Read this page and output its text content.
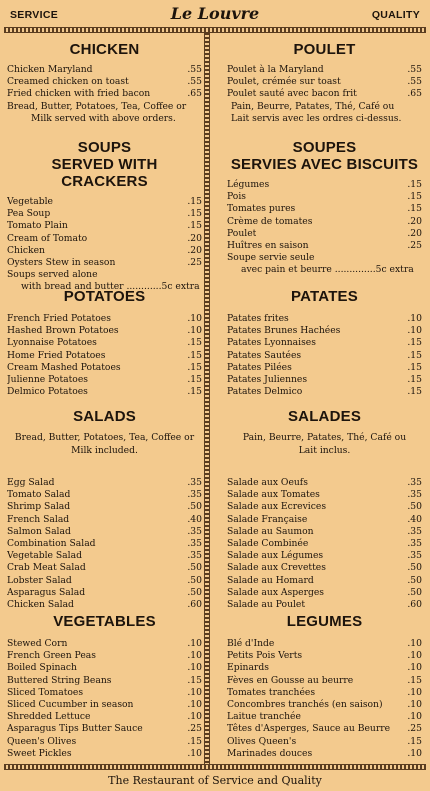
SERVICE	Le Louvre	QUALITY
CHICKEN
Chicken Maryland	.55
Creamed chicken on toast	.55
Fried chicken with fried bacon	.65
Bread, Butter, Potatoes, Tea, Coffee or
Milk served with above orders.
SOUPS
SERVED WITH CRACKERS
Vegetable	.15
Pea Soup	.15
Tomato Plain	.15
Cream of Tomato	.20
Chicken	.20
Oysters Stew in season	.25
Soups served alone
with bread and butter ............5c extra
POTATOES
French Fried Potatoes	.10
Hashed Brown Potatoes	.10
Lyonnaise Potatoes	.15
Home Fried Potatoes	.15
Cream Mashed Potatoes	.15
Julienne Potatoes	.15
Delmico Potatoes	.15
SALADS
Bread, Butter, Potatoes, Tea, Coffee or
Milk included.
Egg Salad	.35
Tomato Salad	.35
Shrimp Salad	.50
French Salad	.40
Salmon Salad	.35
Combination Salad	.35
Vegetable Salad	.35
Crab Meat Salad	.50
Lobster Salad	.50
Asparagus Salad	.50
Chicken Salad	.60
VEGETABLES
Stewed Corn	.10
French Green Peas	.10
Boiled Spinach	.10
Buttered String Beans	.15
Sliced Tomatoes	.10
Sliced Cucumber in season	.10
Shredded Lettuce	.10
Asparagus Tips Butter Sauce	.25
Queen's Olives	.15
Sweet Pickles	.10
POULET
Poulet à la Maryland	.55
Poulet, crémée sur toast	.55
Poulet sauté avec bacon frit	.65
Pain, Beurre, Patates, Thé, Café ou
Lait servis avec les ordres ci-dessus.
SOUPES
SERVIES AVEC BISCUITS
Légumes	.15
Pois	.15
Tomates pures	.15
Crème de tomates	.20
Poulet	.20
Huîtres en saison	.25
Soupe servie seule
avec pain et beurre ..............5c extra
PATATES
Patates frites	.10
Patates Brunes Hachées	.10
Patates Lyonnaises	.15
Patates Sautées	.15
Patates Pilées	.15
Patates Juliennes	.15
Patates Delmico	.15
SALADES
Pain, Beurre, Patates, Thé, Café ou
Lait inclus.
Salade aux Oeufs	.35
Salade aux Tomates	.35
Salade aux Ecrevices	.50
Salade Française	.40
Salade au Saumon	.35
Salade Combinée	.35
Salade aux Légumes	.35
Salade aux Crevettes	.50
Salade au Homard	.50
Salade aux Asperges	.50
Salade au Poulet	.60
LEGUMES
Blé d'Inde	.10
Petits Pois Verts	.10
Epinards	.10
Fèves en Gousse au beurre	.15
Tomates tranchées	.10
Concombres tranchés (en saison)	.10
Laitue tranchée	.10
Têtes d'Asperges, Sauce au Beurre	.25
Olives Queen's	.15
Marinades douces	.10
The Restaurant of Service and Quality
